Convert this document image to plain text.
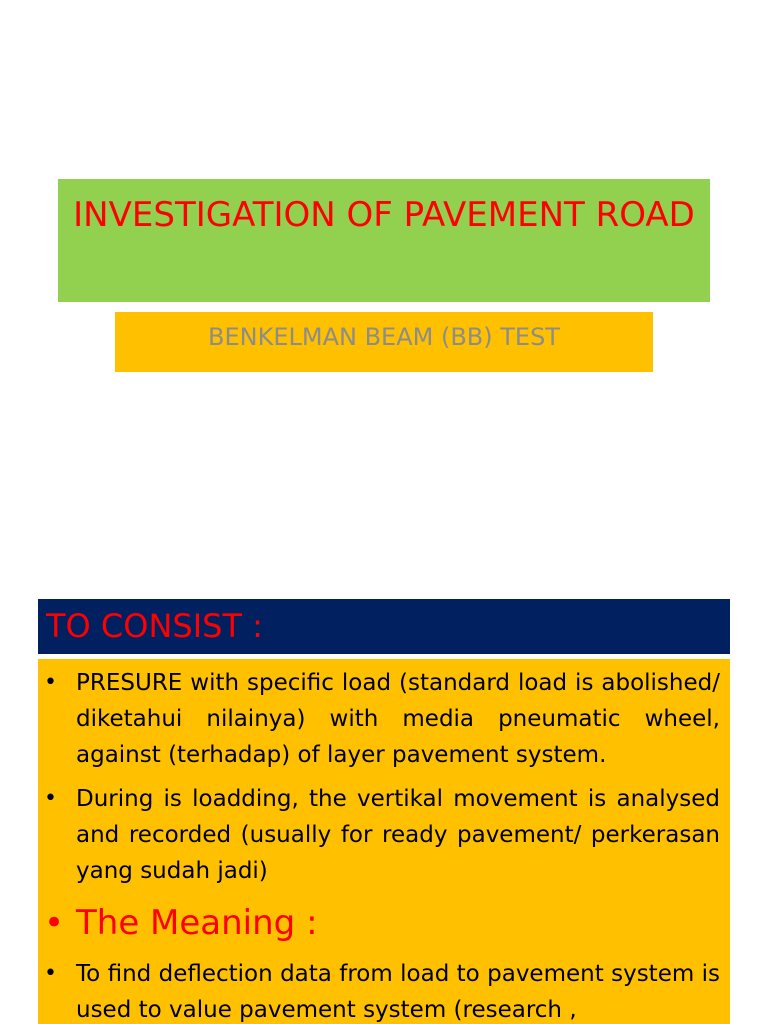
INVESTIGATION OF PAVEMENT ROAD
BENKELMAN BEAM (BB) TEST
TO CONSIST :
• PRESURE with specific load (standard load is abolished/ diketahui nilainya) with media pneumatic wheel, against (terhadap) of layer pavement system.
• During is loadding, the vertikal movement is analysed and recorded (usually for ready pavement/ perkerasan yang sudah jadi)
• The Meaning :
• To find deflection data from load to pavement system is used to value pavement system (research ,
